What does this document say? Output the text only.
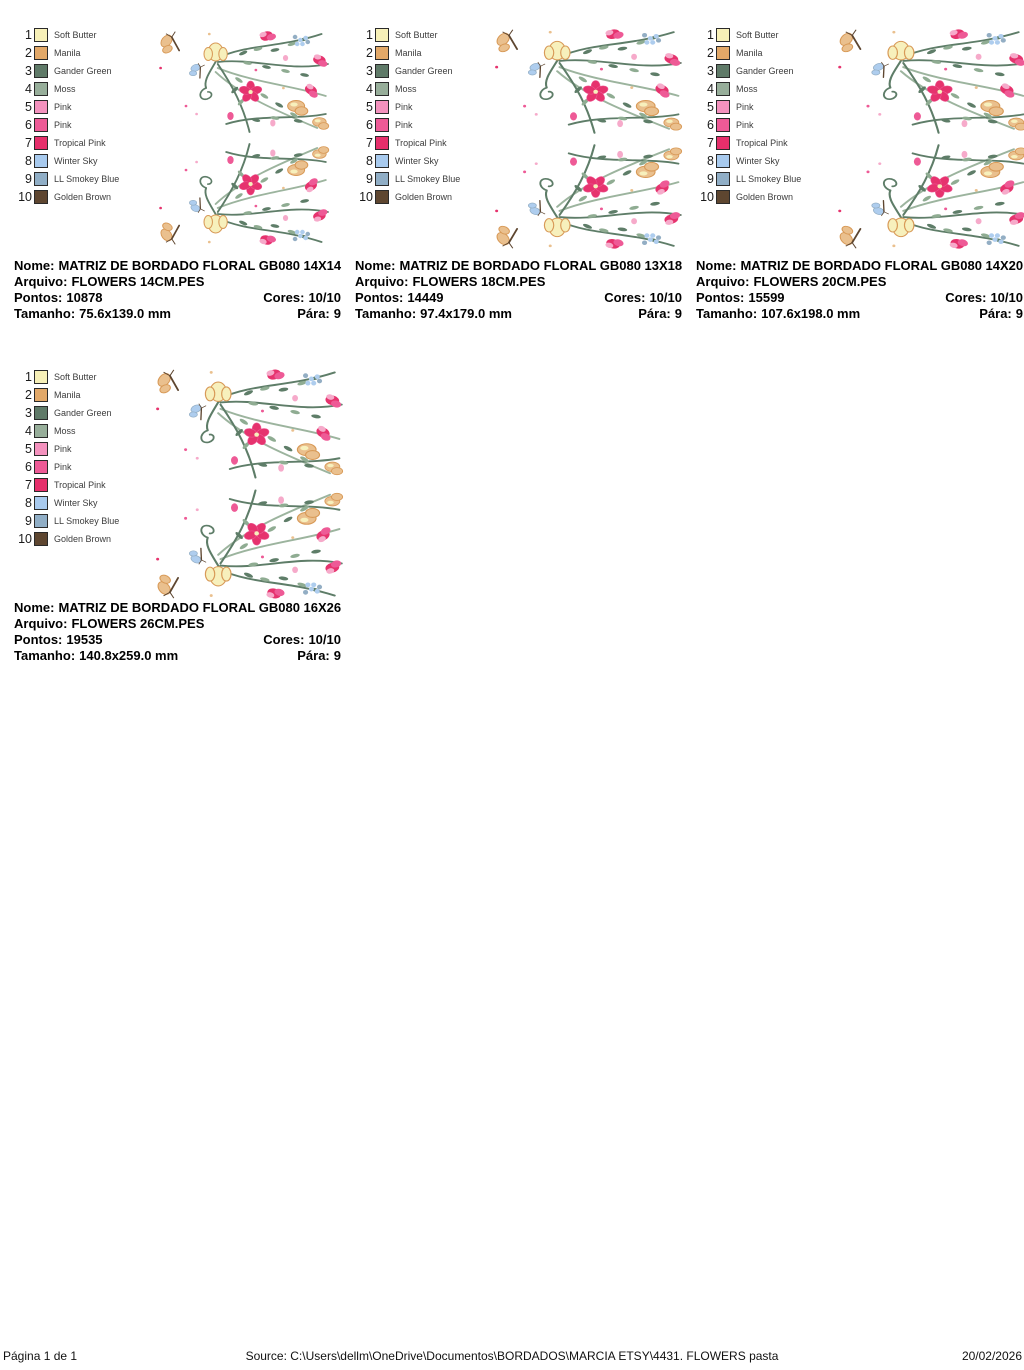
1 Soft Butter
2 Manila
3 Gander Green
4 Moss
5 Pink
6 Pink
7 Tropical Pink
8 Winter Sky
9 LL Smokey Blue
10 Golden Brown
Nome: MATRIZ DE BORDADO FLORAL GB080 14X14
Arquivo: FLOWERS 14CM.PES
Pontos: 10878	Cores: 10/10
Tamanho: 75.6x139.0 mm	Pára: 9
1 Soft Butter
2 Manila
3 Gander Green
4 Moss
5 Pink
6 Pink
7 Tropical Pink
8 Winter Sky
9 LL Smokey Blue
10 Golden Brown
Nome: MATRIZ DE BORDADO FLORAL GB080 13X18
Arquivo: FLOWERS 18CM.PES
Pontos: 14449	Cores: 10/10
Tamanho: 97.4x179.0 mm	Pára: 9
1 Soft Butter
2 Manila
3 Gander Green
4 Moss
5 Pink
6 Pink
7 Tropical Pink
8 Winter Sky
9 LL Smokey Blue
10 Golden Brown
Nome: MATRIZ DE BORDADO FLORAL GB080 14X20
Arquivo: FLOWERS 20CM.PES
Pontos: 15599	Cores: 10/10
Tamanho: 107.6x198.0 mm	Pára: 9
1 Soft Butter
2 Manila
3 Gander Green
4 Moss
5 Pink
6 Pink
7 Tropical Pink
8 Winter Sky
9 LL Smokey Blue
10 Golden Brown
Nome: MATRIZ DE BORDADO FLORAL GB080 16X26
Arquivo: FLOWERS 26CM.PES
Pontos: 19535	Cores: 10/10
Tamanho: 140.8x259.0 mm	Pára: 9
Página 1 de 1	Source: C:\Users\dellm\OneDrive\Documentos\BORDADOS\MARCIA ETSY\4431. FLOWERS pasta	20/02/2026
